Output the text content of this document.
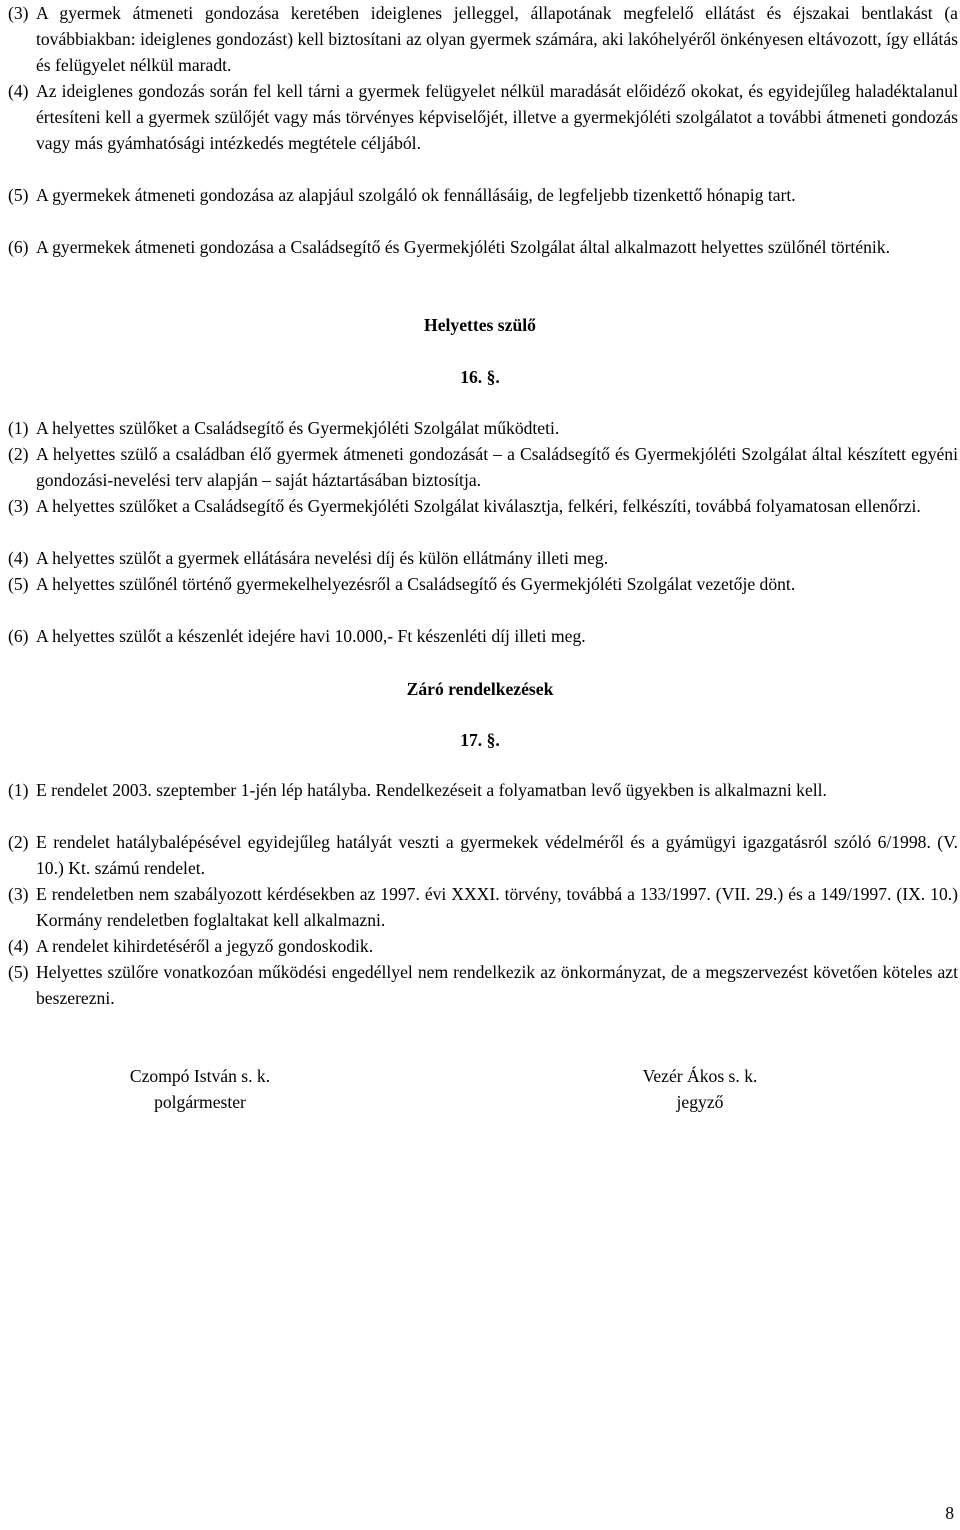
(3) A gyermek átmeneti gondozása keretében ideiglenes jelleggel, állapotának megfelelő ellátást és éjszakai bentlakást (a továbbiakban: ideiglenes gondozást) kell biztosítani az olyan gyermek számára, aki lakóhelyéről önkényesen eltávozott, így ellátás és felügyelet nélkül maradt.
(4) Az ideiglenes gondozás során fel kell tárni a gyermek felügyelet nélkül maradását előidéző okokat, és egyidejűleg haladéktalanul értesíteni kell a gyermek szülőjét vagy más törvényes képviselőjét, illetve a gyermekjóléti szolgálatot a további átmeneti gondozás vagy más gyámhatósági intézkedés megtétele céljából.
(5) A gyermekek átmeneti gondozása az alapjául szolgáló ok fennállásáig, de legfeljebb tizenkettő hónapig tart.
(6) A gyermekek átmeneti gondozása a Családsegítő és Gyermekjóléti Szolgálat által alkalmazott helyettes szülőnél történik.
Helyettes szülő
16. §.
(1) A helyettes szülőket a Családsegítő és Gyermekjóléti Szolgálat működteti.
(2) A helyettes szülő a családban élő gyermek átmeneti gondozását – a Családsegítő és Gyermekjóléti Szolgálat által készített egyéni gondozási-nevelési terv alapján – saját háztartásában biztosítja.
(3) A helyettes szülőket a Családsegítő és Gyermekjóléti Szolgálat kiválasztja, felkéri, felkészíti, továbbá folyamatosan ellenőrzi.
(4) A helyettes szülőt a gyermek ellátására nevelési díj és külön ellátmány illeti meg.
(5) A helyettes szülőnél történő gyermekelhelyezésről a Családsegítő és Gyermekjóléti Szolgálat vezetője dönt.
(6) A helyettes szülőt a készenlét idejére havi 10.000,- Ft készenléti díj illeti meg.
Záró rendelkezések
17. §.
(1) E rendelet 2003. szeptember 1-jén lép hatályba. Rendelkezéseit a folyamatban levő ügyekben is alkalmazni kell.
(2) E rendelet hatálybalépésével egyidejűleg hatályát veszti a gyermekek védelméről és a gyámügyi igazgatásról szóló 6/1998. (V. 10.) Kt. számú rendelet.
(3) E rendeletben nem szabályozott kérdésekben az 1997. évi XXXI. törvény, továbbá a 133/1997. (VII. 29.) és a 149/1997. (IX. 10.) Kormány rendeletben foglaltakat kell alkalmazni.
(4) A rendelet kihirdetéséről a jegyző gondoskodik.
(5) Helyettes szülőre vonatkozóan működési engedéllyel nem rendelkezik az önkormányzat, de a megszervezést követően köteles azt beszerezni.
Czompó István s. k.
polgármester
Vezér Ákos s. k.
jegyző
8
